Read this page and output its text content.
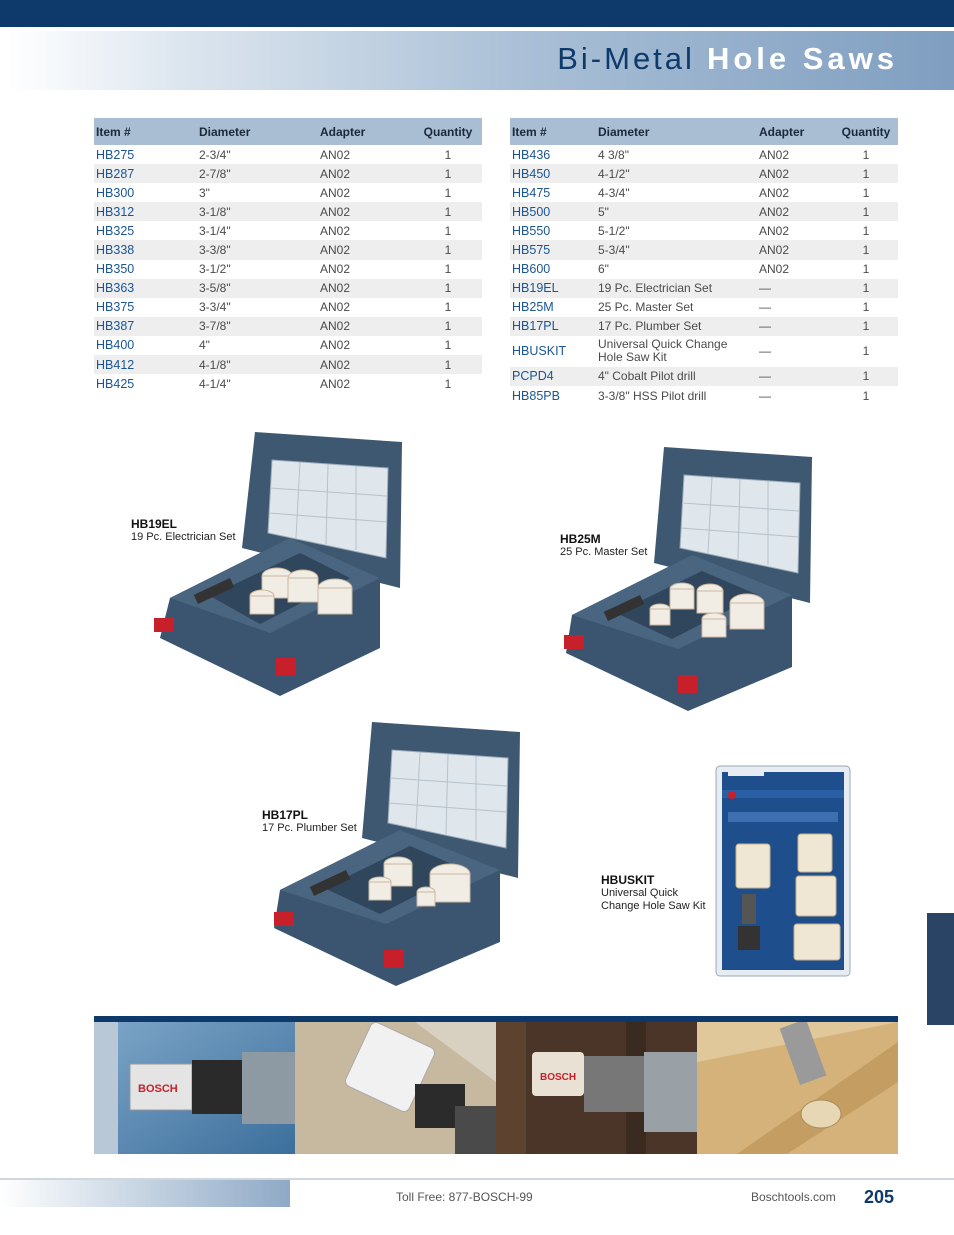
Bi-Metal Hole Saws
Item #	Diameter	Adapter	Quantity
HB275	2-3/4"	AN02	1
HB287	2-7/8"	AN02	1
HB300	3"	AN02	1
HB312	3-1/8"	AN02	1
HB325	3-1/4"	AN02	1
HB338	3-3/8"	AN02	1
HB350	3-1/2"	AN02	1
HB363	3-5/8"	AN02	1
HB375	3-3/4"	AN02	1
HB387	3-7/8"	AN02	1
HB400	4"	AN02	1
HB412	4-1/8"	AN02	1
HB425	4-1/4"	AN02	1
Item #	Diameter	Adapter	Quantity
HB436	4 3/8"	AN02	1
HB450	4-1/2"	AN02	1
HB475	4-3/4"	AN02	1
HB500	5"	AN02	1
HB550	5-1/2"	AN02	1
HB575	5-3/4"	AN02	1
HB600	6"	AN02	1
HB19EL	19 Pc. Electrician Set	—	1
HB25M	25 Pc. Master Set	—	1
HB17PL	17 Pc. Plumber Set	—	1
HBUSKIT	Universal Quick Change Hole Saw Kit	—	1
PCPD4	4" Cobalt Pilot drill	—	1
HB85PB	3-3/8" HSS Pilot drill	—	1
HB19EL
19 Pc. Electrician Set	HB25M
25 Pc. Master Set
HB17PL
17 Pc. Plumber Set
HBUSKIT
Universal Quick
Change Hole Saw Kit
BOSCH
BOSCH
Toll Free: 877-BOSCH-99	Boschtools.com 205
